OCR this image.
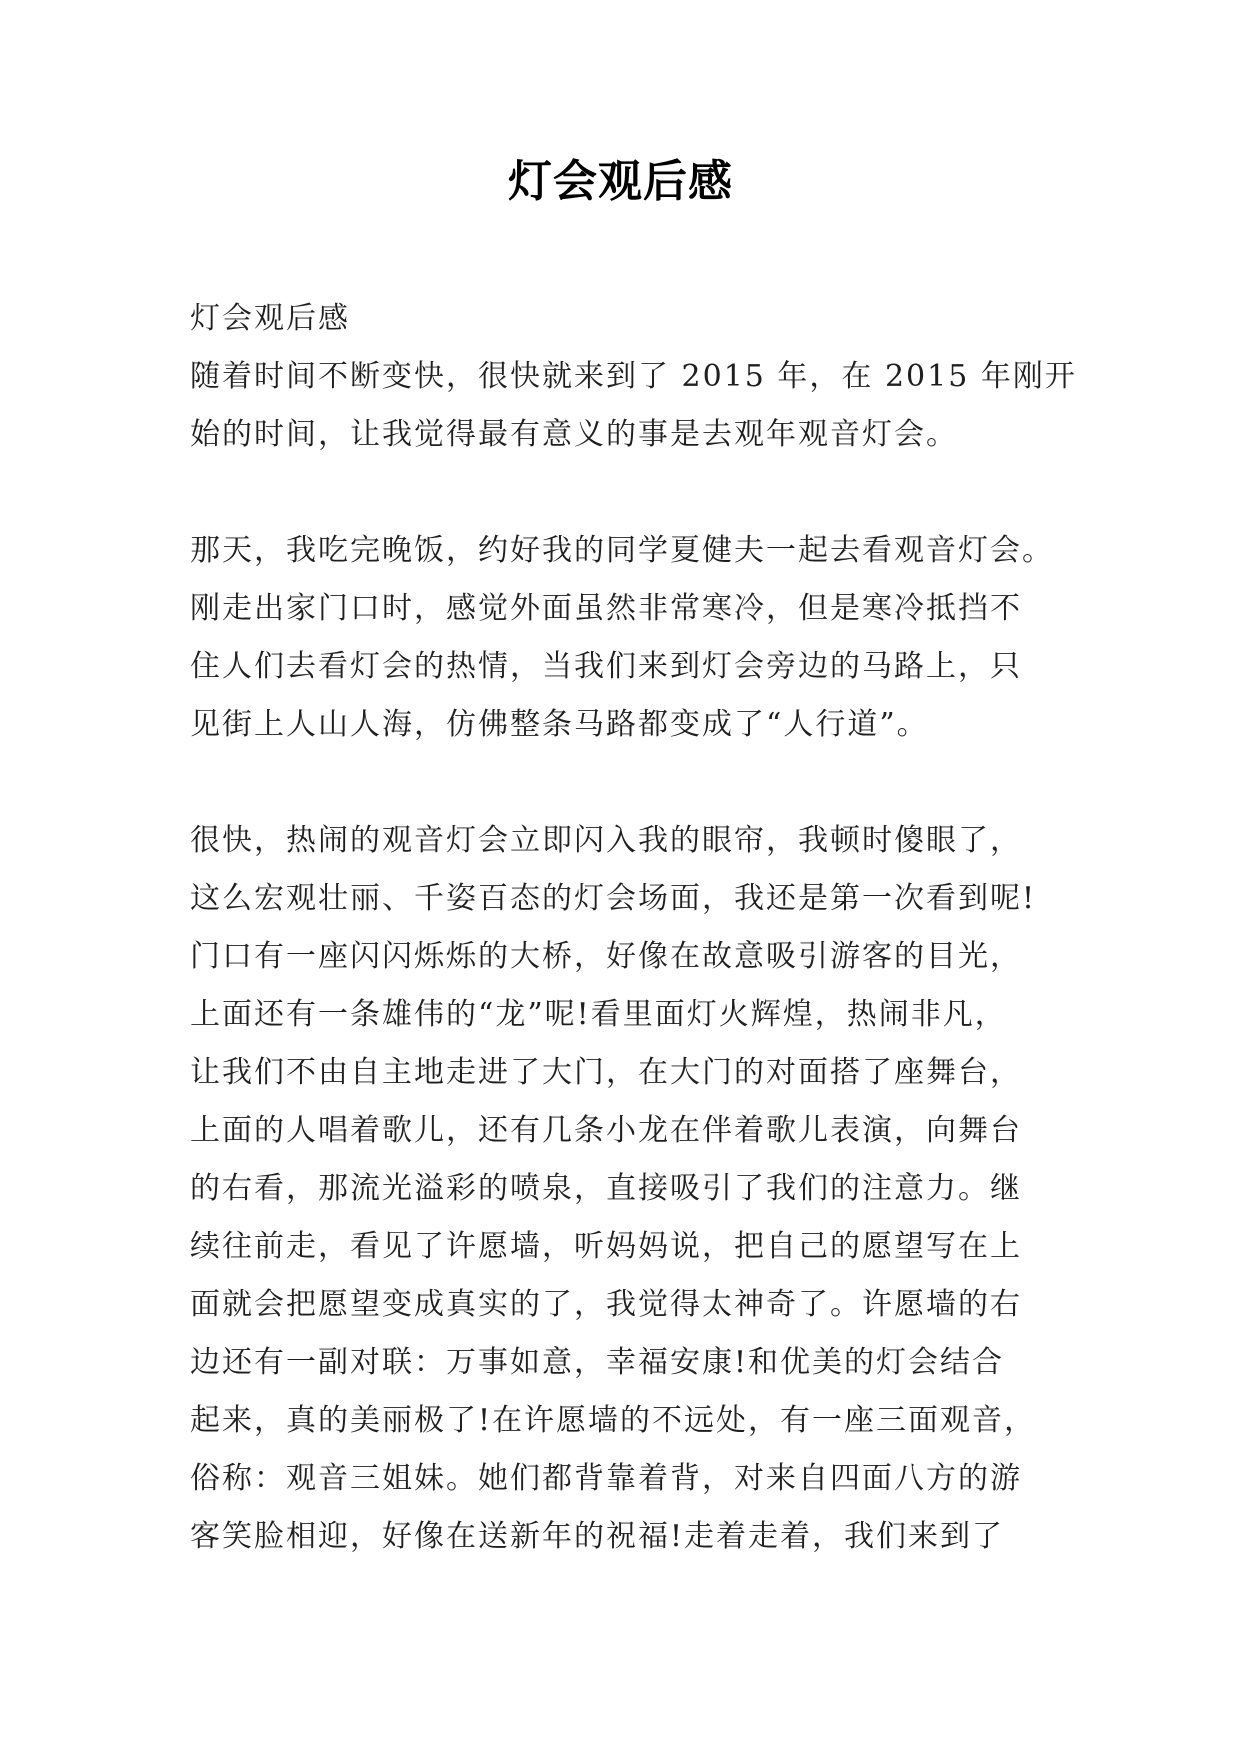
灯会观后感
灯会观后感
随着时间不断变快，很快就来到了 2015 年，在 2015 年刚开
始的时间，让我觉得最有意义的事是去观年观音灯会。
那天，我吃完晚饭，约好我的同学夏健夫一起去看观音灯会。
刚走出家门口时，感觉外面虽然非常寒冷，但是寒冷抵挡不
住人们去看灯会的热情，当我们来到灯会旁边的马路上，只
见街上人山人海，仿佛整条马路都变成了“人行道”。
很快，热闹的观音灯会立即闪入我的眼帘，我顿时傻眼了，
这么宏观壮丽、千姿百态的灯会场面，我还是第一次看到呢!
门口有一座闪闪烁烁的大桥，好像在故意吸引游客的目光，
上面还有一条雄伟的“龙”呢!看里面灯火辉煌，热闹非凡，
让我们不由自主地走进了大门，在大门的对面搭了座舞台，
上面的人唱着歌儿，还有几条小龙在伴着歌儿表演，向舞台
的右看，那流光溢彩的喷泉，直接吸引了我们的注意力。继
续往前走，看见了许愿墙，听妈妈说，把自己的愿望写在上
面就会把愿望变成真实的了，我觉得太神奇了。许愿墙的右
边还有一副对联：万事如意，幸福安康!和优美的灯会结合
起来，真的美丽极了!在许愿墙的不远处，有一座三面观音，
俗称：观音三姐妹。她们都背靠着背，对来自四面八方的游
客笑脸相迎，好像在送新年的祝福!走着走着，我们来到了
